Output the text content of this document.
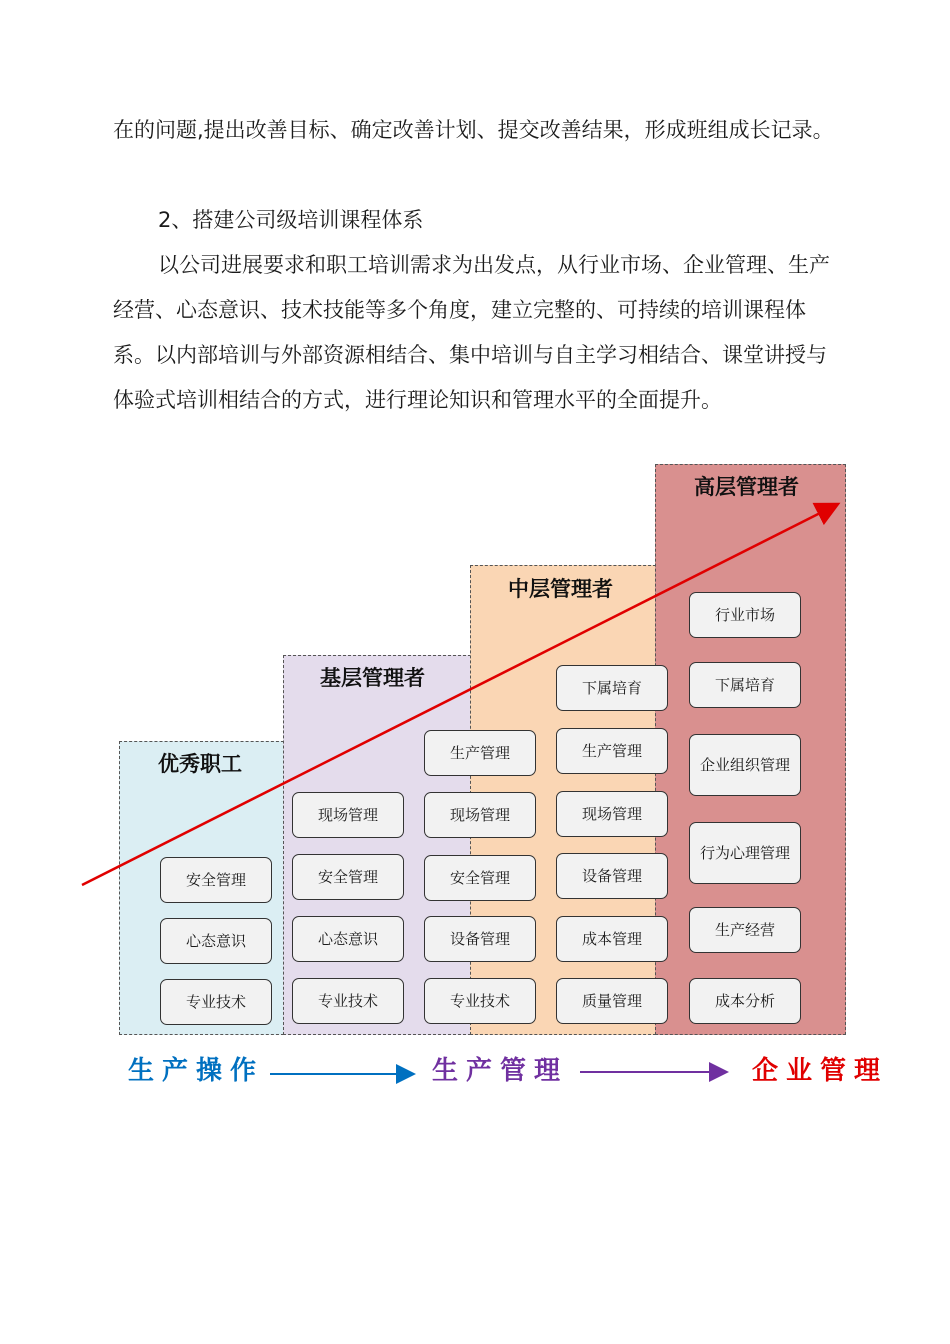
在的问题,提出改善目标、确定改善计划、提交改善结果，形成班组成长记录。

2、搭建公司级培训课程体系

以公司进展要求和职工培训需求为出发点，从行业市场、企业管理、生产经营、心态意识、技术技能等多个角度，建立完整的、可持续的培训课程体系。以内部培训与外部资源相结合、集中培训与自主学习相结合、课堂讲授与体验式培训相结合的方式，进行理论知识和管理水平的全面提升。

优秀职工
基层管理者
中层管理者
高层管理者
安全管理
心态意识
专业技术
现场管理
安全管理
心态意识
专业技术
生产管理
现场管理
安全管理
设备管理
专业技术
下属培育
生产管理
现场管理
设备管理
成本管理
质量管理
行业市场
下属培育
企业组织管理
行为心理管理
生产经营
成本分析
生产操作	生产管理	企业管理
